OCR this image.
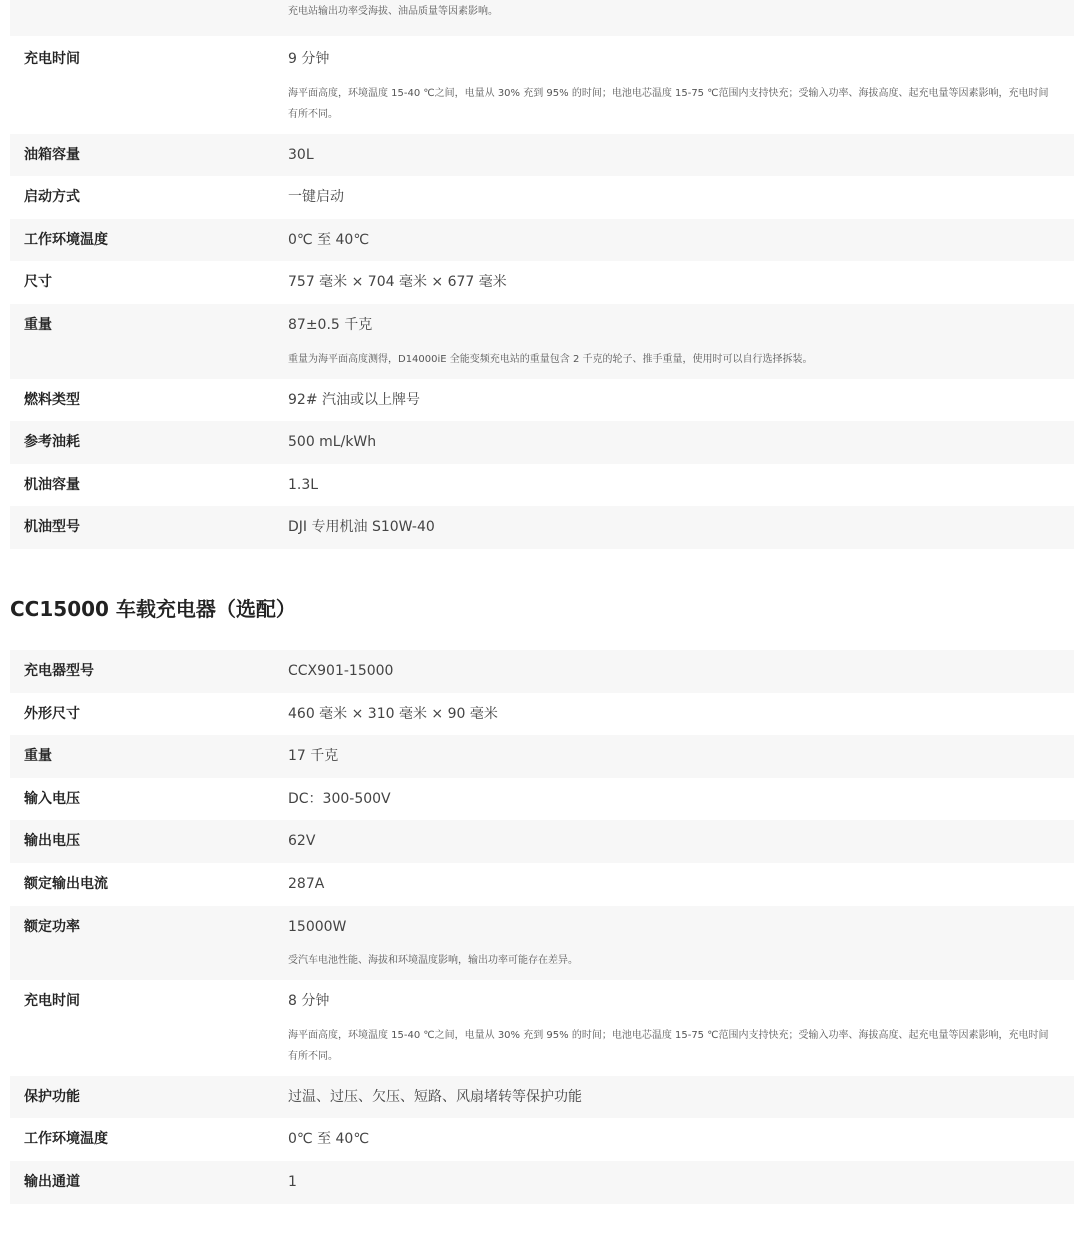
充电站输出功率受海拔、油品质量等因素影响。
充电时间	9 分钟
海平面高度，环境温度 15-40 ℃之间，电量从 30% 充到 95% 的时间；电池电芯温度 15-75 ℃范围内支持快充；受输入功率、海拔高度、起充电量等因素影响，充电时间有所不同。
油箱容量	30L
启动方式	一键启动
工作环境温度	0℃ 至 40℃
尺寸	757 毫米 × 704 毫米 × 677 毫米
重量	87±0.5 千克
重量为海平面高度测得，D14000iE 全能变频充电站的重量包含 2 千克的轮子、推手重量，使用时可以自行选择拆装。
燃料类型	92# 汽油或以上牌号
参考油耗	500 mL/kWh
机油容量	1.3L
机油型号	DJI 专用机油 S10W-40
CC15000 车载充电器（选配）
充电器型号	CCX901-15000
外形尺寸	460 毫米 × 310 毫米 × 90 毫米
重量	17 千克
输入电压	DC：300-500V
输出电压	62V
额定输出电流	287A
额定功率	15000W
受汽车电池性能、海拔和环境温度影响，输出功率可能存在差异。
充电时间	8 分钟
海平面高度，环境温度 15-40 ℃之间，电量从 30% 充到 95% 的时间；电池电芯温度 15-75 ℃范围内支持快充；受输入功率、海拔高度、起充电量等因素影响，充电时间有所不同。
保护功能	过温、过压、欠压、短路、风扇堵转等保护功能
工作环境温度	0℃ 至 40℃
输出通道	1
